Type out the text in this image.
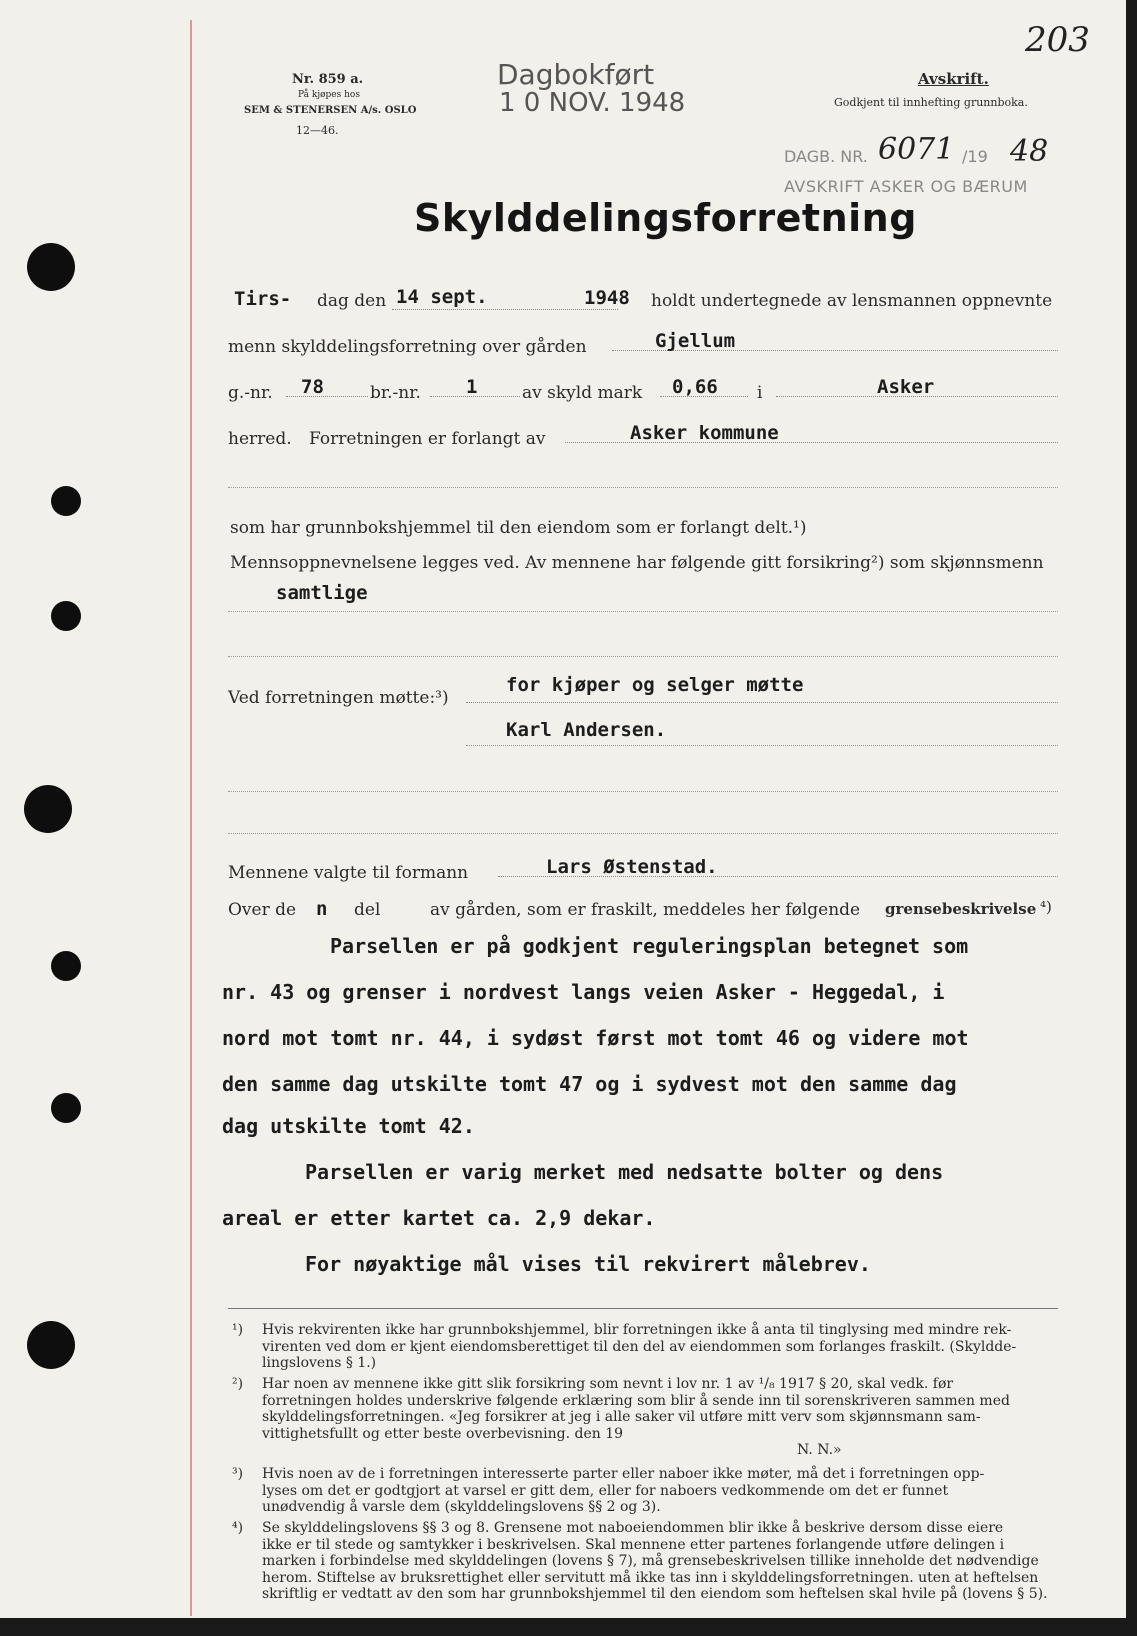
Nr. 859 a.
På kjøpes hos
SEM & STENERSEN A/s. OSLO
12—46.
Dagbokført
1 0 NOV. 1948
Avskrift.
Godkjent til innhefting grunnboka.
203
DAGB. NR. 6071 /19 48
AVSKRIFT ASKER OG BÆRUM
Skylddelingsforretning
Tirs- dag den 14 sept.	1948 holdt undertegnede av lensmannen oppnevnte
menn skylddelingsforretning over gården	Gjellum
g.-nr. 78	br.-nr. 1	av skyld mark 0,66 i	Asker
herred. Forretningen er forlangt av	Asker kommune
som har grunnbokshjemmel til den eiendom som er forlangt delt.¹)
Mennsoppnevnelsene legges ved. Av mennene har følgende gitt forsikring²) som skjønnsmenn
samtlige
Ved forretningen møtte:³)
for kjøper og selger møtte
Karl Andersen.
Mennene valgte til formann	Lars Østenstad.
Over de n del	av gården, som er fraskilt, meddeles her følgende grensebeskrivelse ⁴)
Parsellen er på godkjent reguleringsplan betegnet som
nr. 43 og grenser i nordvest langs veien Asker - Heggedal, i
nord mot tomt nr. 44, i sydøst først mot tomt 46 og videre mot
den samme dag utskilte tomt 47 og i sydvest mot den samme dag
dag utskilte tomt 42.
Parsellen er varig merket med nedsatte bolter og dens
areal er etter kartet ca. 2,9 dekar.
For nøyaktige mål vises til rekvirert målebrev.
¹) Hvis rekvirenten ikke har grunnbokshjemmel, blir forretningen ikke å anta til tinglysing med mindre rek-
virenten ved dom er kjent eiendomsberettiget til den del av eiendommen som forlanges fraskilt. (Skyldde-
lingslovens § 1.)
²) Har noen av mennene ikke gitt slik forsikring som nevnt i lov nr. 1 av ¹/₈ 1917 § 20, skal vedk. før
forretningen holdes underskrive følgende erklæring som blir å sende inn til sorenskriveren sammen med
skylddelingsforretningen. «Jeg forsikrer at jeg i alle saker vil utføre mitt verv som skjønnsmann sam-
vittighetsfullt og etter beste overbevisning. den 19
N. N.»
³) Hvis noen av de i forretningen interesserte parter eller naboer ikke møter, må det i forretningen opp-
lyses om det er godtgjort at varsel er gitt dem, eller for naboers vedkommende om det er funnet
unødvendig å varsle dem (skylddelingslovens §§ 2 og 3).
⁴) Se skylddelingslovens §§ 3 og 8. Grensene mot naboeiendommen blir ikke å beskrive dersom disse eiere
ikke er til stede og samtykker i beskrivelsen. Skal mennene etter partenes forlangende utføre delingen i
marken i forbindelse med skylddelingen (lovens § 7), må grensebeskrivelsen tillike inneholde det nødvendige
herom. Stiftelse av bruksrettighet eller servitutt må ikke tas inn i skylddelingsforretningen. uten at heftelsen
skriftlig er vedtatt av den som har grunnbokshjemmel til den eiendom som heftelsen skal hvile på (lovens § 5).
